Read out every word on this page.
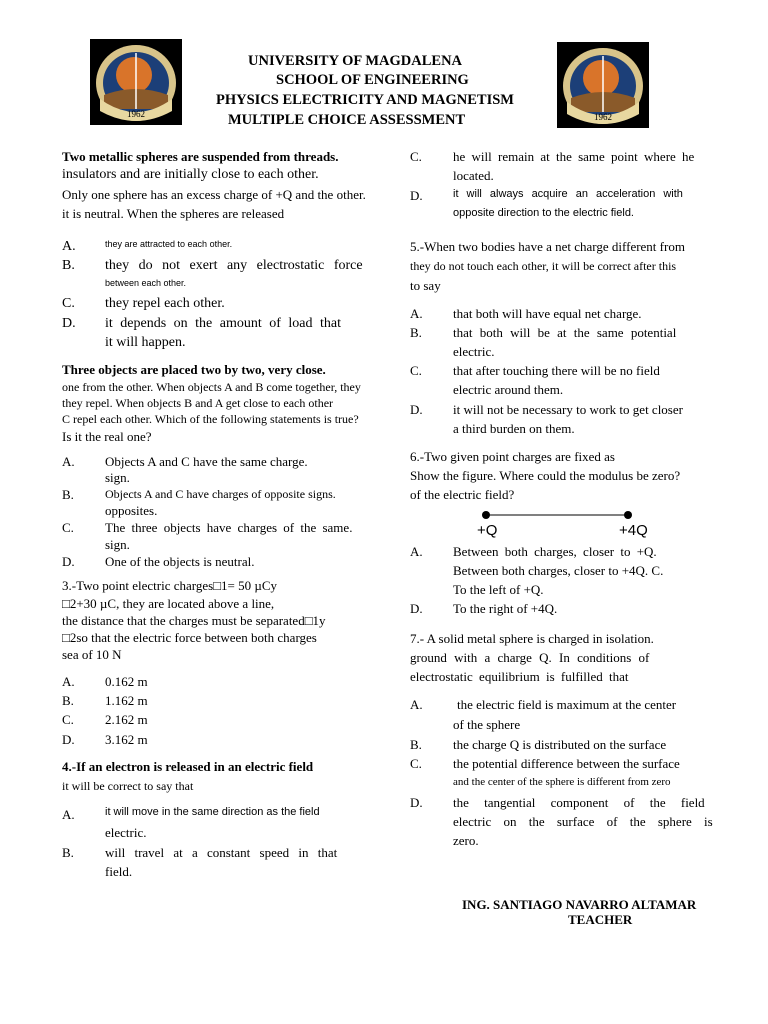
1962	1962
UNIVERSITY OF MAGDALENA
SCHOOL OF ENGINEERING
PHYSICS ELECTRICITY AND MAGNETISM
MULTIPLE CHOICE ASSESSMENT
Two metallic spheres are suspended from threads.
insulators and are initially close to each other.
Only one sphere has an excess charge of +Q and the other.
it is neutral. When the spheres are released
A.	they are attracted to each other.
B. they do not exert any electrostatic force
between each other.
C. they repel each other.
D. it depends on the amount of load that
it will happen.
Three objects are placed two by two, very close.
one from the other. When objects A and B come together, they
they repel. When objects B and A get close to each other
C repel each other. Which of the following statements is true?
Is it the real one?
A. Objects A and C have the same charge.
sign.
B.	Objects A and C have charges of opposite signs.
opposites.
C. The three objects have charges of the same.
sign.
D. One of the objects is neutral.
3.-Two point electric charges□1= 50 µCy
□2+30 µC, they are located above a line,
the distance that the charges must be separated□1y
□2so that the electric force between both charges
sea of 10 N
A. 0.162 m
B. 1.162 m
C. 2.162 m
D. 3.162 m
4.-If an electron is released in an electric field
it will be correct to say that
A.	it will move in the same direction as the field
electric.
B. will travel at a constant speed in that
field.
C. he will remain at the same point where he
located.
D.	it will always acquire an acceleration with
opposite direction to the electric field.
5.-When two bodies have a net charge different from
they do not touch each other, it will be correct after this
to say
A. that both will have equal net charge.
B. that both will be at the same potential
electric.
C. that after touching there will be no field
electric around them.
D. it will not be necessary to work to get closer
a third burden on them.
6.-Two given point charges are fixed as
Show the figure. Where could the modulus be zero?
of the electric field?
+Q	+4Q
A. Between both charges, closer to +Q.
Between both charges, closer to +4Q. C.
To the left of +Q.
D. To the right of +4Q.
7.- A solid metal sphere is charged in isolation.
ground with a charge Q. In conditions of
electrostatic equilibrium is fulfilled that
A.	the electric field is maximum at the center
of the sphere
B. the charge Q is distributed on the surface
C. the potential difference between the surface
and the center of the sphere is different from zero
D. the tangential component of the field
electric on the surface of the sphere is
zero.
ING. SANTIAGO NAVARRO ALTAMAR
TEACHER
